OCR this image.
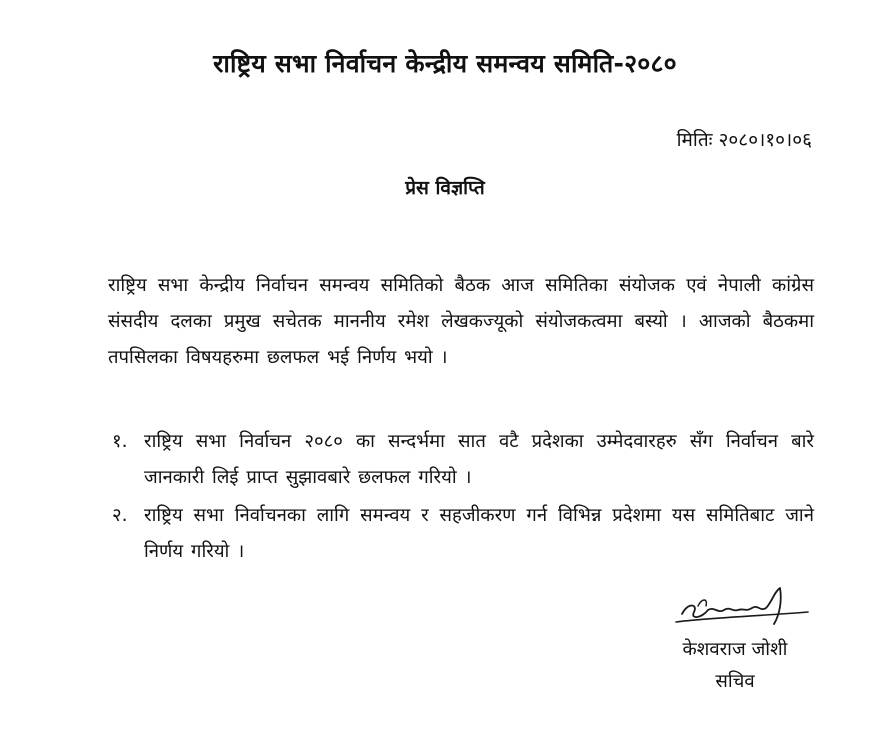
राष्ट्रिय सभा निर्वाचन केन्द्रीय समन्वय समिति-२०८०
मितिः २०८०।१०।०६
प्रेस विज्ञप्ति
राष्ट्रिय सभा केन्द्रीय निर्वाचन समन्वय समितिको बैठक आज समितिका संयोजक एवं नेपाली कांग्रेस संसदीय दलका प्रमुख सचेतक माननीय रमेश लेखकज्यूको संयोजकत्वमा बस्यो । आजको बैठकमा तपसिलका विषयहरुमा छलफल भई निर्णय भयो ।
१. राष्ट्रिय सभा निर्वाचन २०८० का सन्दर्भमा सात वटै प्रदेशका उम्मेदवारहरु सँग निर्वाचन बारे जानकारी लिई प्राप्त सुझावबारे छलफल गरियो ।
२. राष्ट्रिय सभा निर्वाचनका लागि समन्वय र सहजीकरण गर्न विभिन्न प्रदेशमा यस समितिबाट जाने निर्णय गरियो ।
केशवराज जोशी
सचिव
